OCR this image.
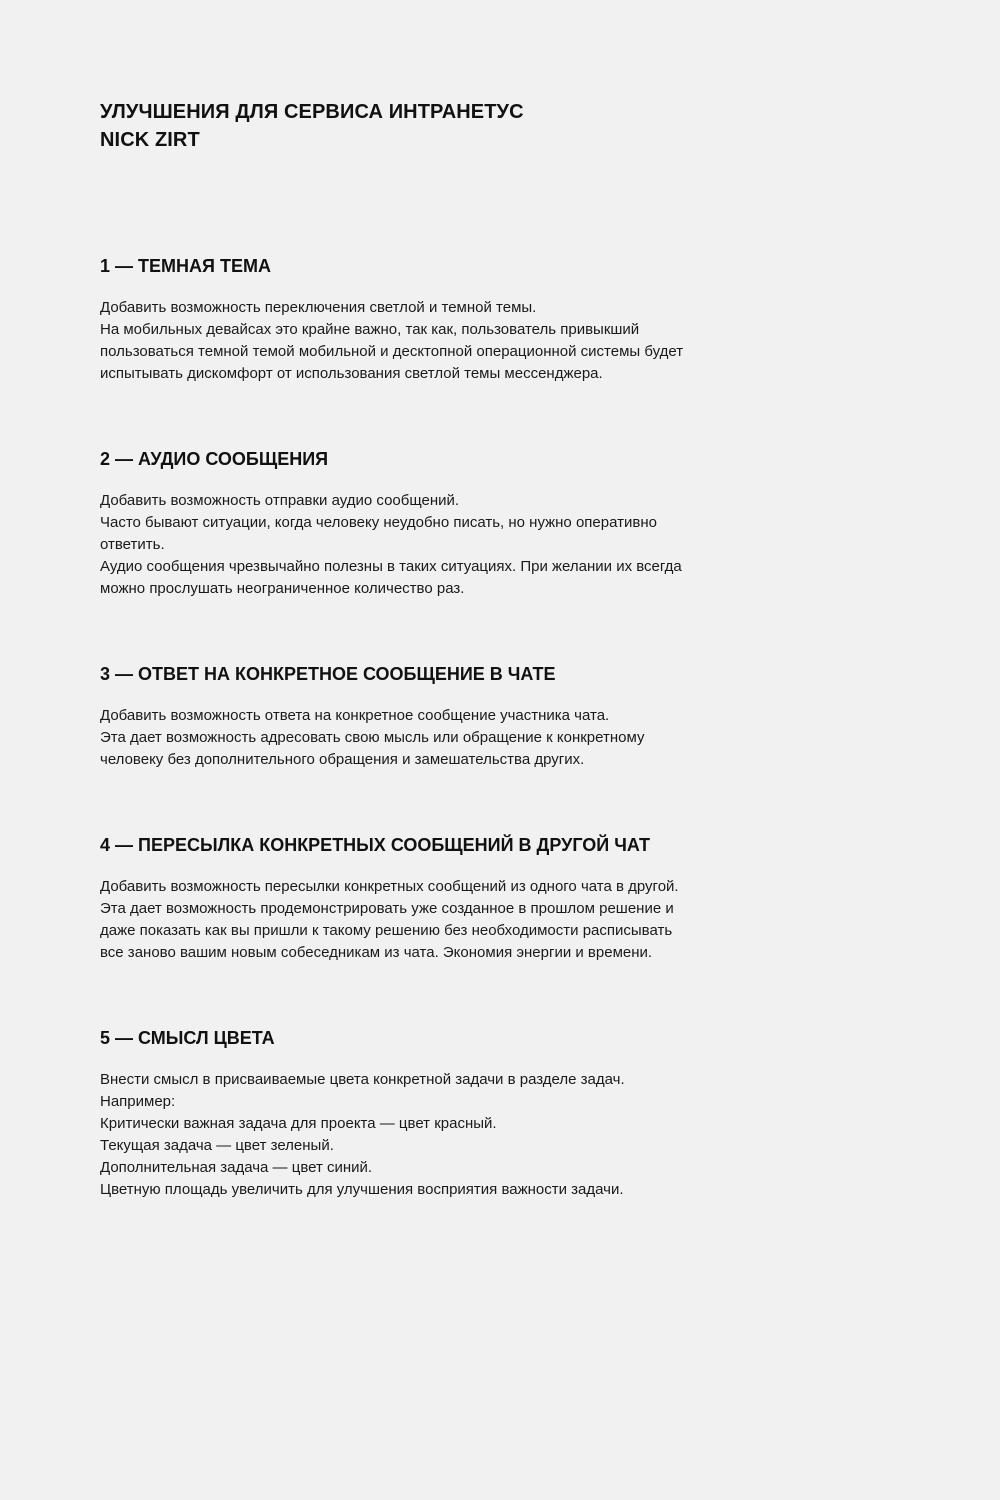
УЛУЧШЕНИЯ ДЛЯ СЕРВИСА ИНТРАНЕТУС

NICK ZIRT

1 — ТЕМНАЯ ТЕМА

Добавить возможность переключения светлой и темной темы.

На мобильных девайсах это крайне важно, так как, пользователь привыкший

пользоваться темной темой мобильной и десктопной операционной системы будет

испытывать дискомфорт от использования светлой темы мессенджера.

2 — АУДИО СООБЩЕНИЯ

Добавить возможность отправки аудио сообщений.

Часто бывают ситуации, когда человеку неудобно писать, но нужно оперативно

ответить.

Аудио сообщения чрезвычайно полезны в таких ситуациях. При желании их всегда

можно прослушать неограниченное количество раз.

3 — ОТВЕТ НА КОНКРЕТНОЕ СООБЩЕНИЕ В ЧАТЕ

Добавить возможность ответа на конкретное сообщение участника чата.

Эта дает возможность адресовать свою мысль или обращение к конкретному

человеку без дополнительного обращения и замешательства других.

4 — ПЕРЕСЫЛКА КОНКРЕТНЫХ СООБЩЕНИЙ В ДРУГОЙ ЧАТ

Добавить возможность пересылки конкретных сообщений из одного чата в другой.

Эта дает возможность продемонстрировать уже созданное в прошлом решение и

даже показать как вы пришли к такому решению без необходимости расписывать

все заново вашим новым собеседникам из чата. Экономия энергии и времени.

5 — СМЫСЛ ЦВЕТА

Внести смысл в присваиваемые цвета конкретной задачи в разделе задач.

Например:

Критически важная задача для проекта — цвет красный.

Текущая задача — цвет зеленый.

Дополнительная задача — цвет синий.

Цветную площадь увеличить для улучшения восприятия важности задачи.
